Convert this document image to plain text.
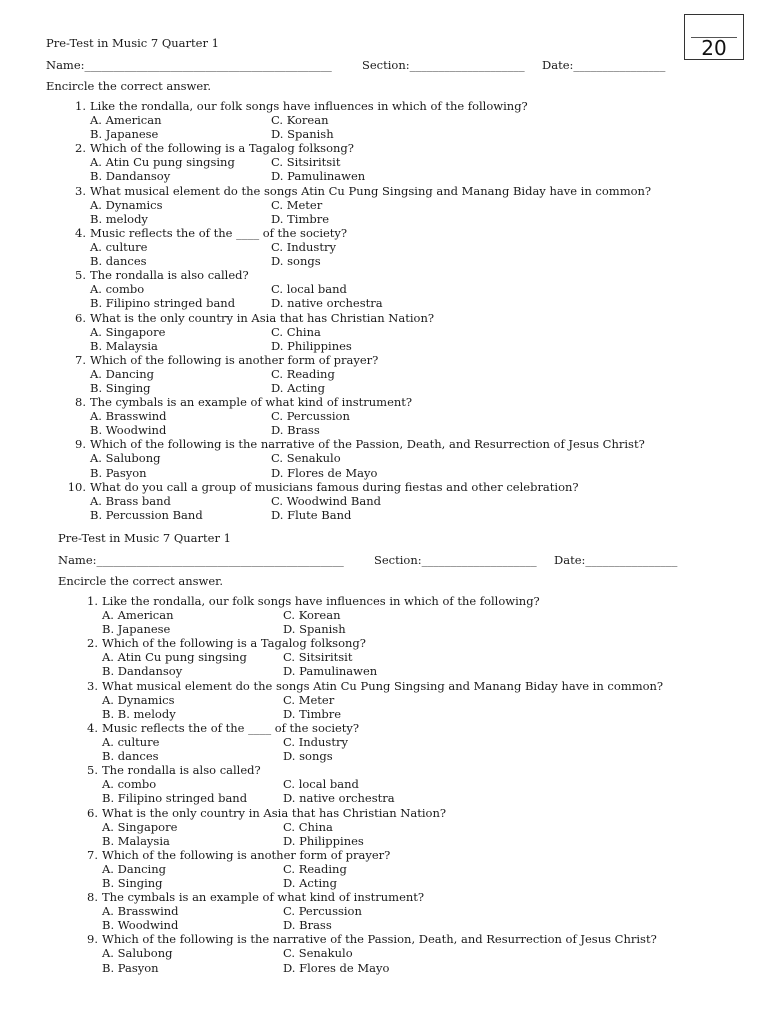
20
Pre-Test in Music 7 Quarter 1
Name:___________________________________________	Section:____________________ Date:________________
Encircle the correct answer.
1. Like the rondalla, our folk songs have influences in which of the following?
A. American	C. Korean
B. Japanese	D. Spanish
2. Which of the following is a Tagalog folksong?
A. Atin Cu pung singsing	C. Sitsiritsit
B. Dandansoy	D. Pamulinawen
3. What musical element do the songs Atin Cu Pung Singsing and Manang Biday have in common?
A. Dynamics	C. Meter
B. melody	D. Timbre
4. Music reflects the of the ____ of the society?
A. culture	C. Industry
B. dances	D. songs
5. The rondalla is also called?
A. combo	C. local band
B. Filipino stringed band	D. native orchestra
6. What is the only country in Asia that has Christian Nation?
A. Singapore	C. China
B. Malaysia	D. Philippines
7. Which of the following is another form of prayer?
A. Dancing	C. Reading
B. Singing	D. Acting
8. The cymbals is an example of what kind of instrument?
A. Brasswind	C. Percussion
B. Woodwind	D. Brass
9. Which of the following is the narrative of the Passion, Death, and Resurrection of Jesus Christ?
A. Salubong	C. Senakulo
B. Pasyon	D. Flores de Mayo
10. What do you call a group of musicians famous during fiestas and other celebration?
A. Brass band	C. Woodwind Band
B. Percussion Band	D. Flute Band
Pre-Test in Music 7 Quarter 1
Name:___________________________________________	Section:____________________ Date:________________
Encircle the correct answer.
1. Like the rondalla, our folk songs have influences in which of the following?
A. American	C. Korean
B. Japanese	D. Spanish
2. Which of the following is a Tagalog folksong?
A. Atin Cu pung singsing	C. Sitsiritsit
B. Dandansoy	D. Pamulinawen
3. What musical element do the songs Atin Cu Pung Singsing and Manang Biday have in common?
A. Dynamics	C. Meter
B. B. melody	D. Timbre
4. Music reflects the of the ____ of the society?
A. culture	C. Industry
B. dances	D. songs
5. The rondalla is also called?
A. combo	C. local band
B. Filipino stringed band	D. native orchestra
6. What is the only country in Asia that has Christian Nation?
A. Singapore	C. China
B. Malaysia	D. Philippines
7. Which of the following is another form of prayer?
A. Dancing	C. Reading
B. Singing	D. Acting
8. The cymbals is an example of what kind of instrument?
A. Brasswind	C. Percussion
B. Woodwind	D. Brass
9. Which of the following is the narrative of the Passion, Death, and Resurrection of Jesus Christ?
A. Salubong	C. Senakulo
B. Pasyon	D. Flores de Mayo
